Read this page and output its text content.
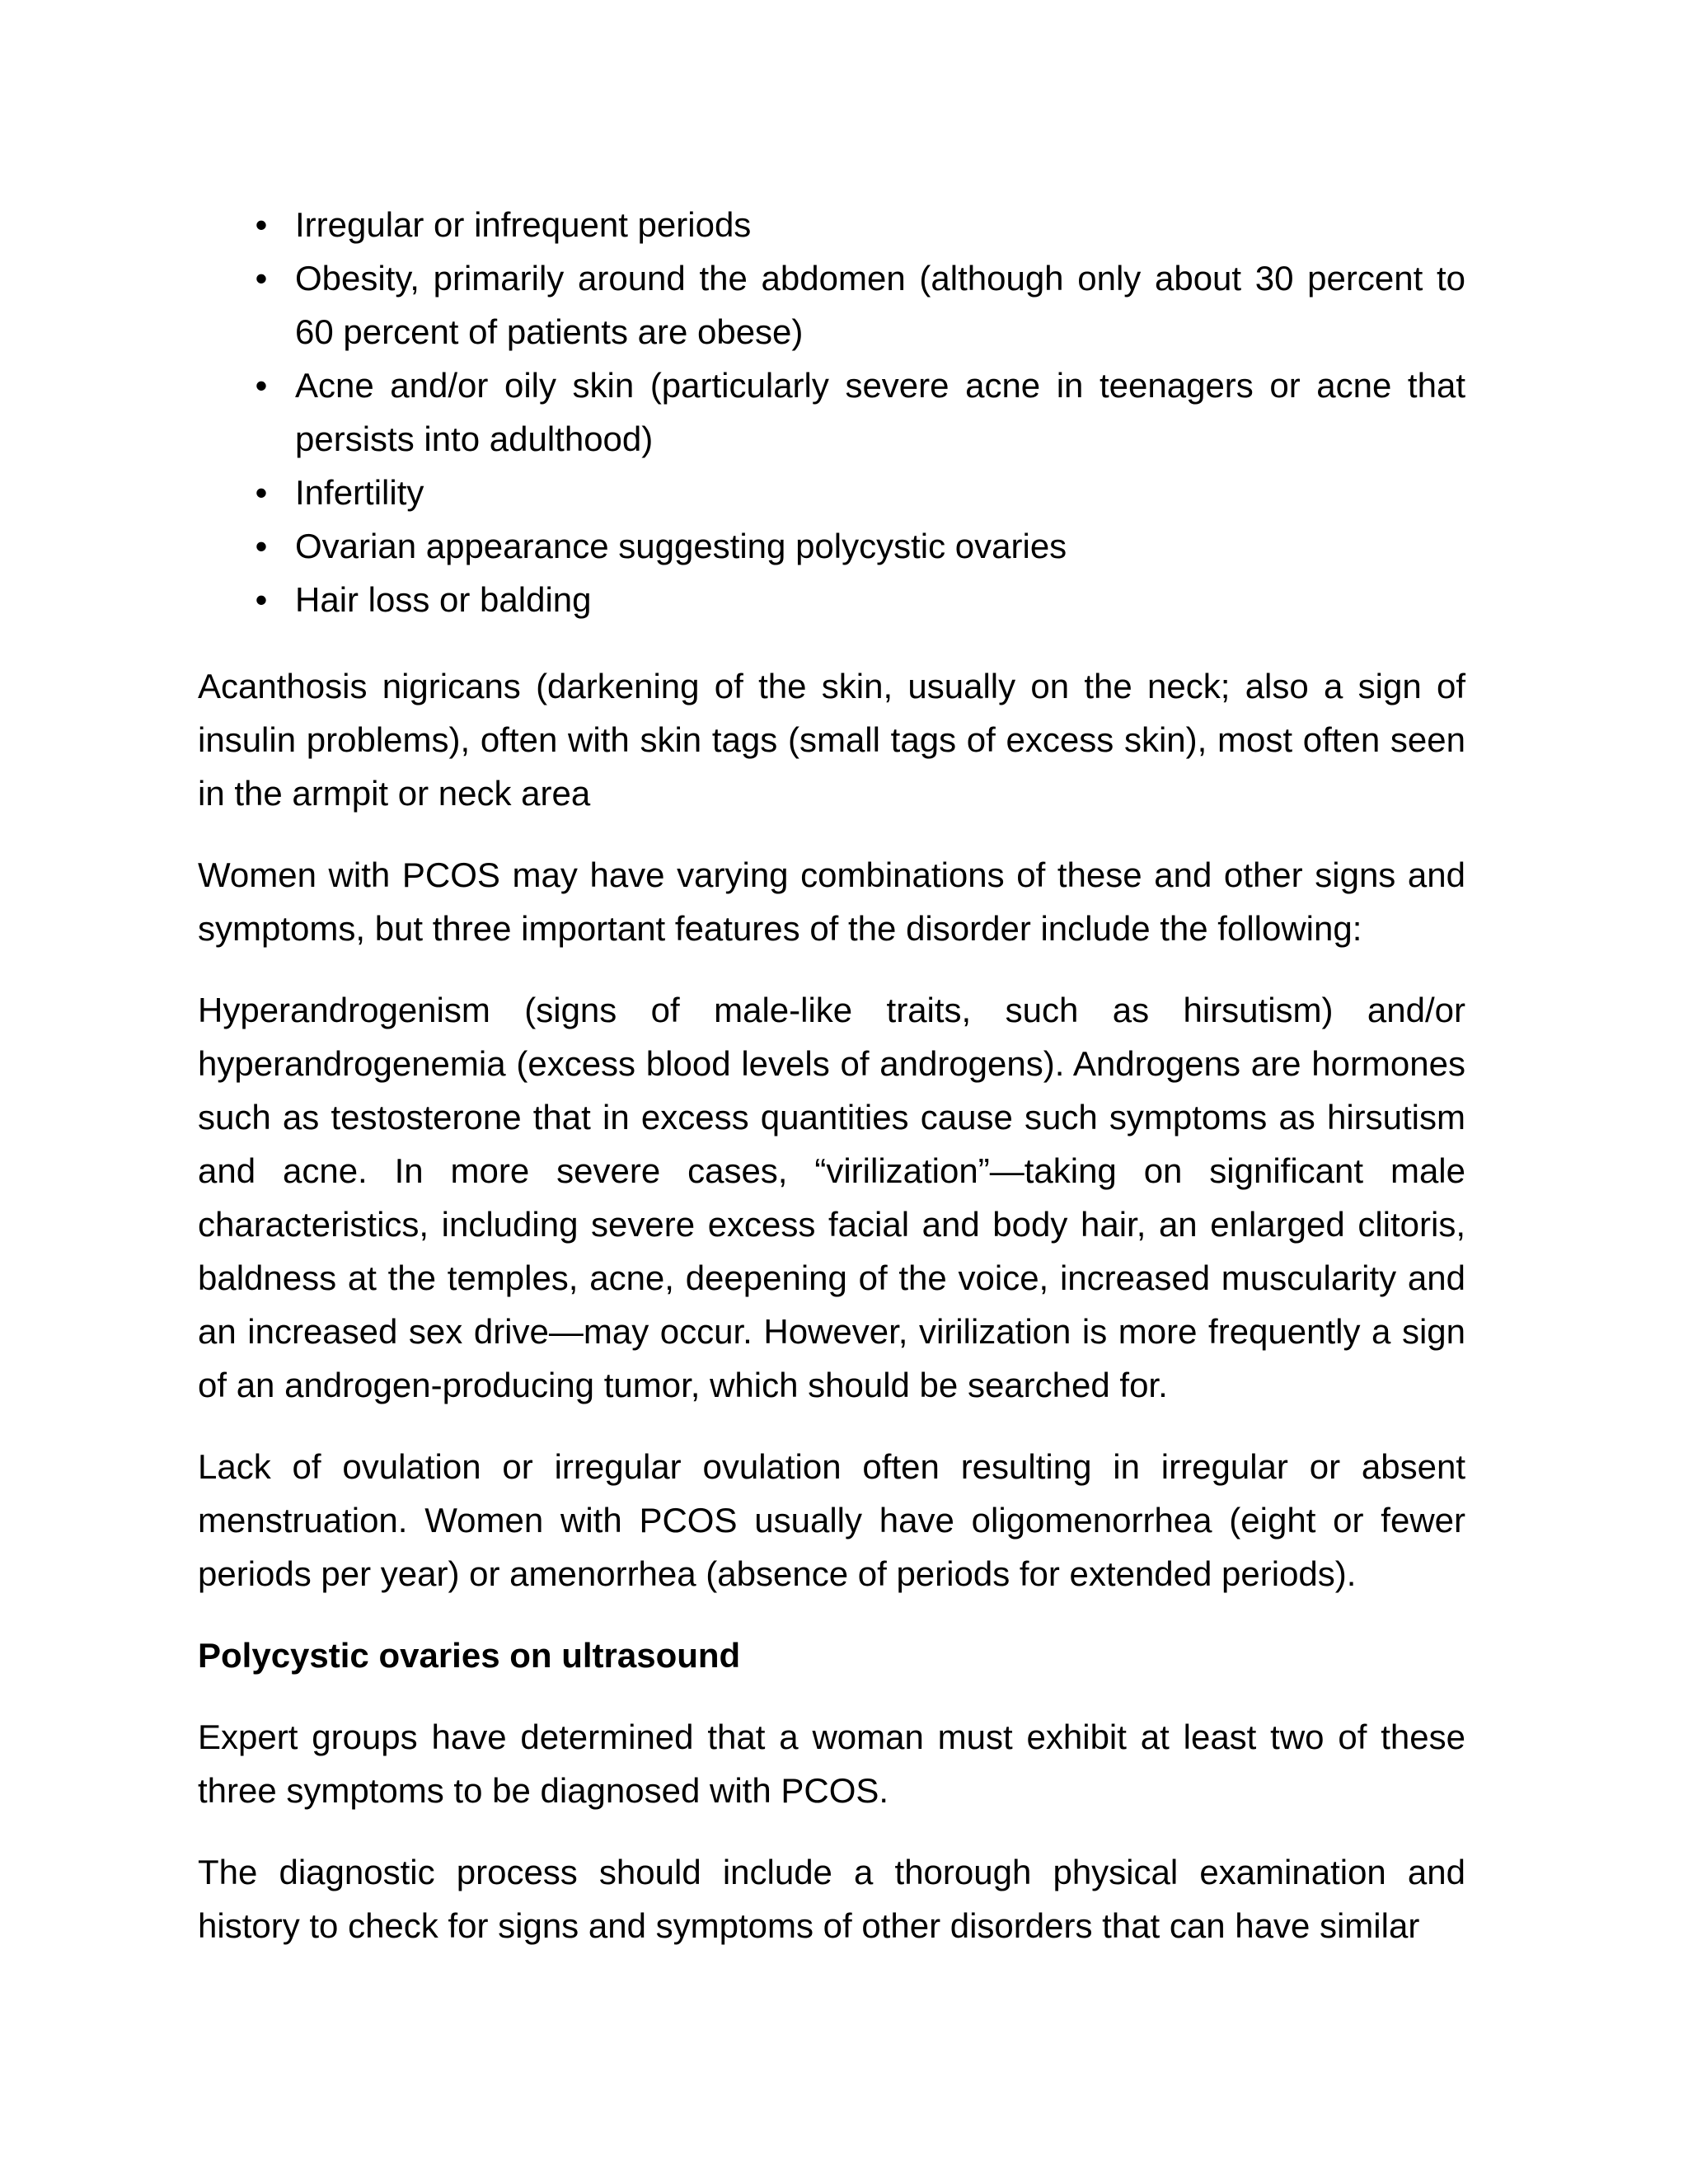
• Irregular or infrequent periods
• Obesity, primarily around the abdomen (although only about 30 percent to 60 percent of patients are obese)
• Acne and/or oily skin (particularly severe acne in teenagers or acne that persists into adulthood)
• Infertility
• Ovarian appearance suggesting polycystic ovaries
• Hair loss or balding

Acanthosis nigricans (darkening of the skin, usually on the neck; also a sign of insulin problems), often with skin tags (small tags of excess skin), most often seen in the armpit or neck area

Women with PCOS may have varying combinations of these and other signs and symptoms, but three important features of the disorder include the following:

Hyperandrogenism (signs of male-like traits, such as hirsutism) and/or hyperandrogenemia (excess blood levels of androgens). Androgens are hormones such as testosterone that in excess quantities cause such symptoms as hirsutism and acne. In more severe cases, “virilization”—taking on significant male characteristics, including severe excess facial and body hair, an enlarged clitoris, baldness at the temples, acne, deepening of the voice, increased muscularity and an increased sex drive—may occur. However, virilization is more frequently a sign of an androgen-producing tumor, which should be searched for.

Lack of ovulation or irregular ovulation often resulting in irregular or absent menstruation. Women with PCOS usually have oligomenorrhea (eight or fewer periods per year) or amenorrhea (absence of periods for extended periods).

Polycystic ovaries on ultrasound

Expert groups have determined that a woman must exhibit at least two of these three symptoms to be diagnosed with PCOS.

The diagnostic process should include a thorough physical examination and history to check for signs and symptoms of other disorders that can have similar
